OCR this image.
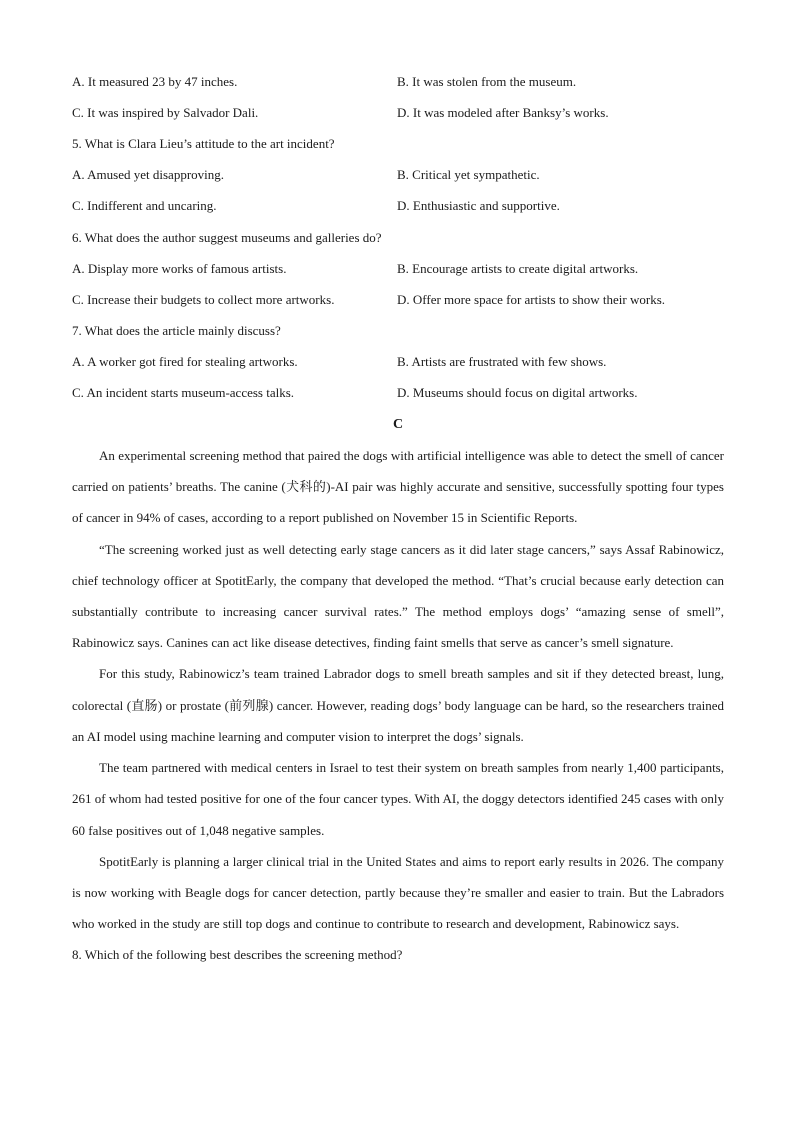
A. It measured 23 by 47 inches.	B. It was stolen from the museum.
C. It was inspired by Salvador Dali.	D. It was modeled after Banksy’s works.
5. What is Clara Lieu’s attitude to the art incident?
A. Amused yet disapproving.	B. Critical yet sympathetic.
C. Indifferent and uncaring.	D. Enthusiastic and supportive.
6. What does the author suggest museums and galleries do?
A. Display more works of famous artists.	B. Encourage artists to create digital artworks.
C. Increase their budgets to collect more artworks.	D. Offer more space for artists to show their works.
7. What does the article mainly discuss?
A. A worker got fired for stealing artworks.	B. Artists are frustrated with few shows.
C. An incident starts museum-access talks.	D. Museums should focus on digital artworks.
C

An experimental screening method that paired the dogs with artificial intelligence was able to detect the smell of cancer carried on patients’ breaths. The canine (犬科的)-AI pair was highly accurate and sensitive, successfully spotting four types of cancer in 94% of cases, according to a report published on November 15 in Scientific Reports.

“The screening worked just as well detecting early stage cancers as it did later stage cancers,” says Assaf Rabinowicz, chief technology officer at SpotitEarly, the company that developed the method. “That’s crucial because early detection can substantially contribute to increasing cancer survival rates.” The method employs dogs’ “amazing sense of smell”, Rabinowicz says. Canines can act like disease detectives, finding faint smells that serve as cancer’s smell signature.

For this study, Rabinowicz’s team trained Labrador dogs to smell breath samples and sit if they detected breast, lung, colorectal (直肠) or prostate (前列腺) cancer. However, reading dogs’ body language can be hard, so the researchers trained an AI model using machine learning and computer vision to interpret the dogs’ signals.

The team partnered with medical centers in Israel to test their system on breath samples from nearly 1,400 participants, 261 of whom had tested positive for one of the four cancer types. With AI, the doggy detectors identified 245 cases with only 60 false positives out of 1,048 negative samples.

SpotitEarly is planning a larger clinical trial in the United States and aims to report early results in 2026. The company is now working with Beagle dogs for cancer detection, partly because they’re smaller and easier to train. But the Labradors who worked in the study are still top dogs and continue to contribute to research and development, Rabinowicz says.

8. Which of the following best describes the screening method?
